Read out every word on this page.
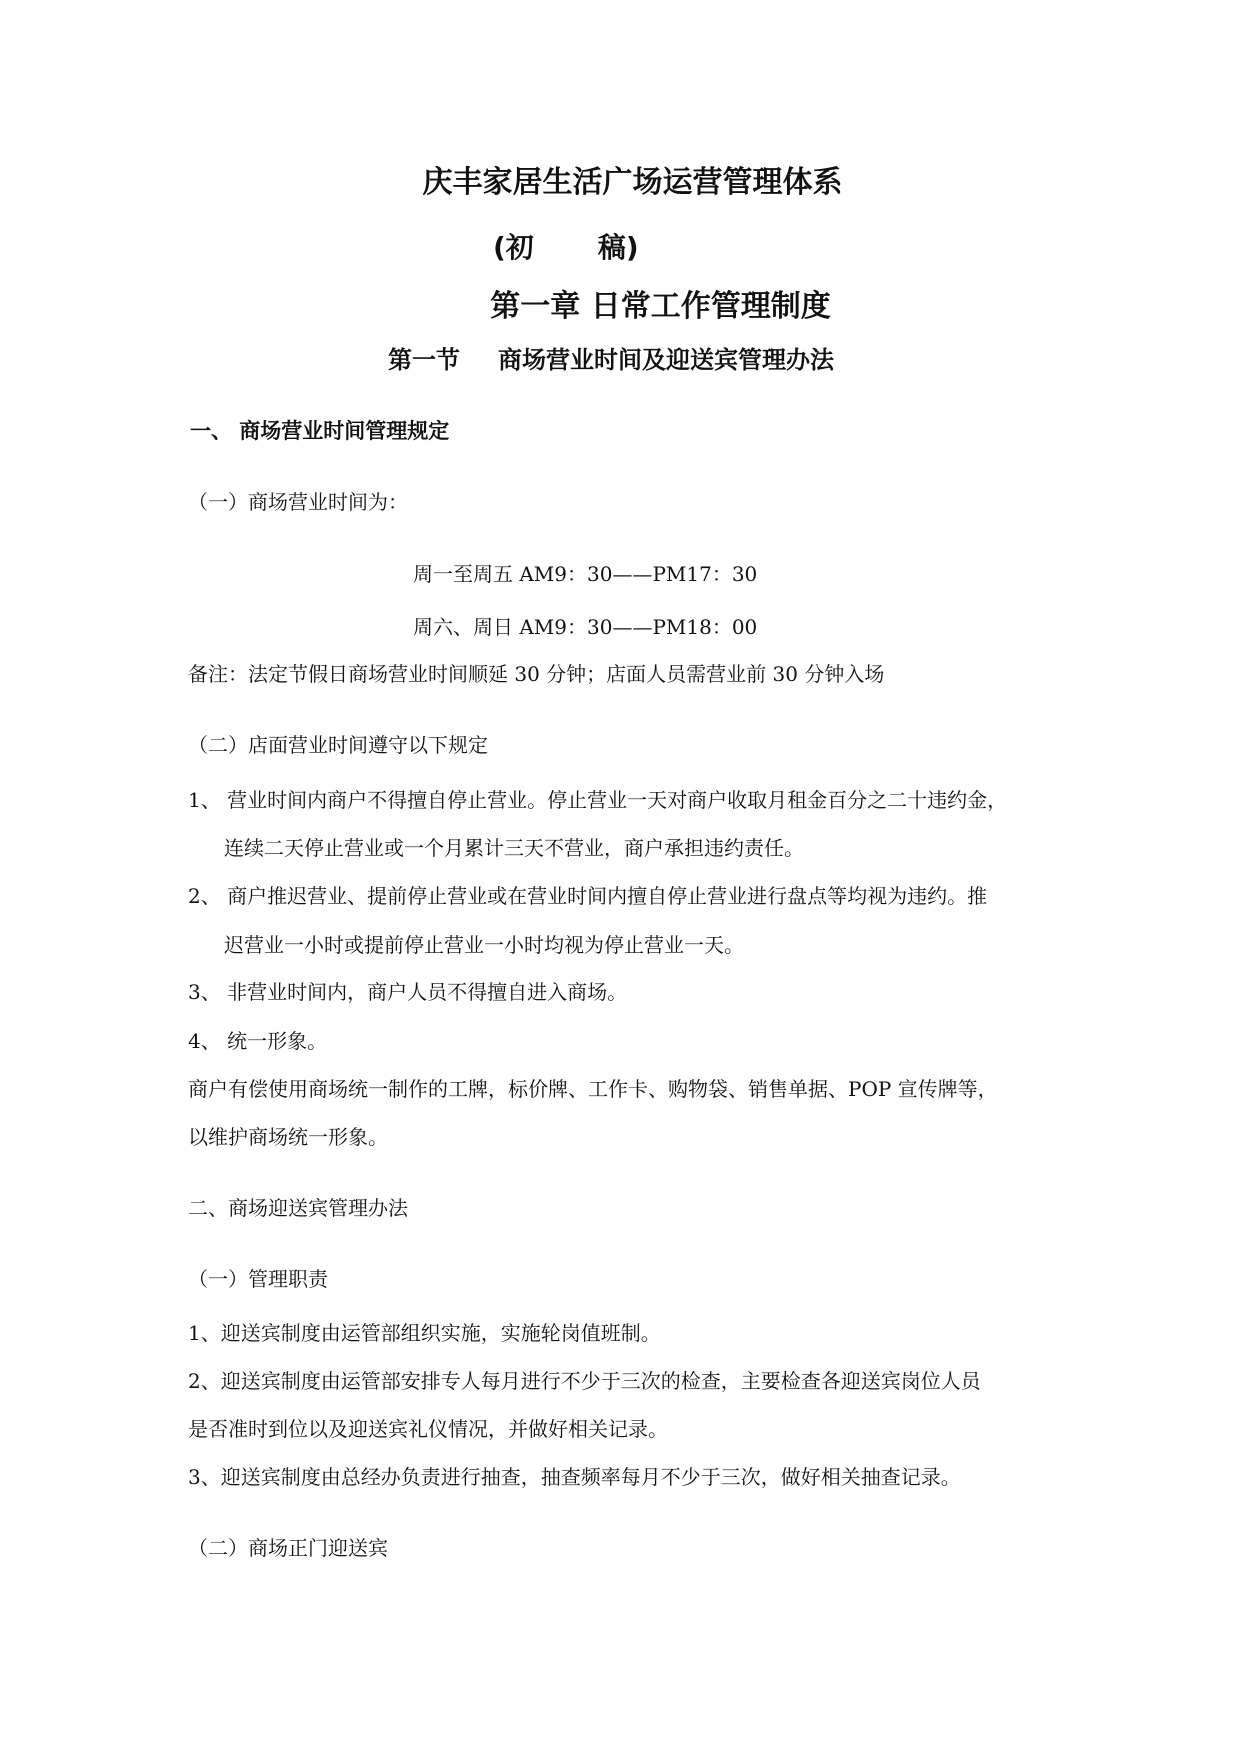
庆丰家居生活广场运营管理体系
(初 稿)
第一章 日常工作管理制度
第一节 商场营业时间及迎送宾管理办法
一、 商场营业时间管理规定
（一）商场营业时间为：
周一至周五 AM9：30——PM17：30
周六、周日 AM9：30——PM18：00
备注：法定节假日商场营业时间顺延 30 分钟；店面人员需营业前 30 分钟入场
（二）店面营业时间遵守以下规定
1、 营业时间内商户不得擅自停止营业。停止营业一天对商户收取月租金百分之二十违约金，
连续二天停止营业或一个月累计三天不营业，商户承担违约责任。
2、 商户推迟营业、提前停止营业或在营业时间内擅自停止营业进行盘点等均视为违约。推
迟营业一小时或提前停止营业一小时均视为停止营业一天。
3、 非营业时间内，商户人员不得擅自进入商场。
4、 统一形象。
商户有偿使用商场统一制作的工牌，标价牌、工作卡、购物袋、销售单据、POP 宣传牌等，
以维护商场统一形象。
二、商场迎送宾管理办法
（一）管理职责
1、迎送宾制度由运管部组织实施，实施轮岗值班制。
2、迎送宾制度由运管部安排专人每月进行不少于三次的检查，主要检查各迎送宾岗位人员
是否准时到位以及迎送宾礼仪情况，并做好相关记录。
3、迎送宾制度由总经办负责进行抽查，抽查频率每月不少于三次，做好相关抽查记录。
（二）商场正门迎送宾
